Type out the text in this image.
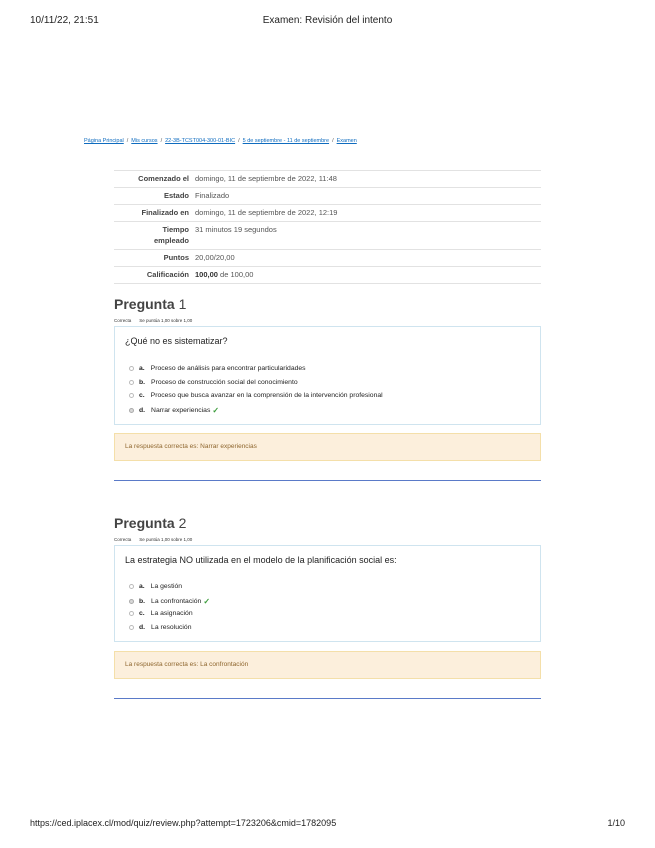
10/11/22, 21:51	Examen: Revisión del intento
Página Principal / Mis cursos / 22-3B-TCST004-300-01-BIC / 5 de septiembre - 11 de septiembre / Examen
Comenzado el	domingo, 11 de septiembre de 2022, 11:48
Estado	Finalizado
Finalizado en	domingo, 11 de septiembre de 2022, 12:19
Tiempo
empleado	31 minutos 19 segundos
Puntos	20,00/20,00
Calificación	100,00 de 100,00
Pregunta 1
Correcta Se puntúa 1,00 sobre 1,00
¿Qué no es sistematizar?
a. Proceso de análisis para encontrar particularidades
b. Proceso de construcción social del conocimiento
c. Proceso que busca avanzar en la comprensión de la intervención profesional
d. Narrar experiencias ✓
La respuesta correcta es: Narrar experiencias
Pregunta 2
Correcta Se puntúa 1,00 sobre 1,00
La estrategia NO utilizada en el modelo de la planificación social es:
a. La gestión
b. La confrontación ✓
c. La asignación
d. La resolución
La respuesta correcta es: La confrontación
https://ced.iplacex.cl/mod/quiz/review.php?attempt=1723206&cmid=1782095	1/10
